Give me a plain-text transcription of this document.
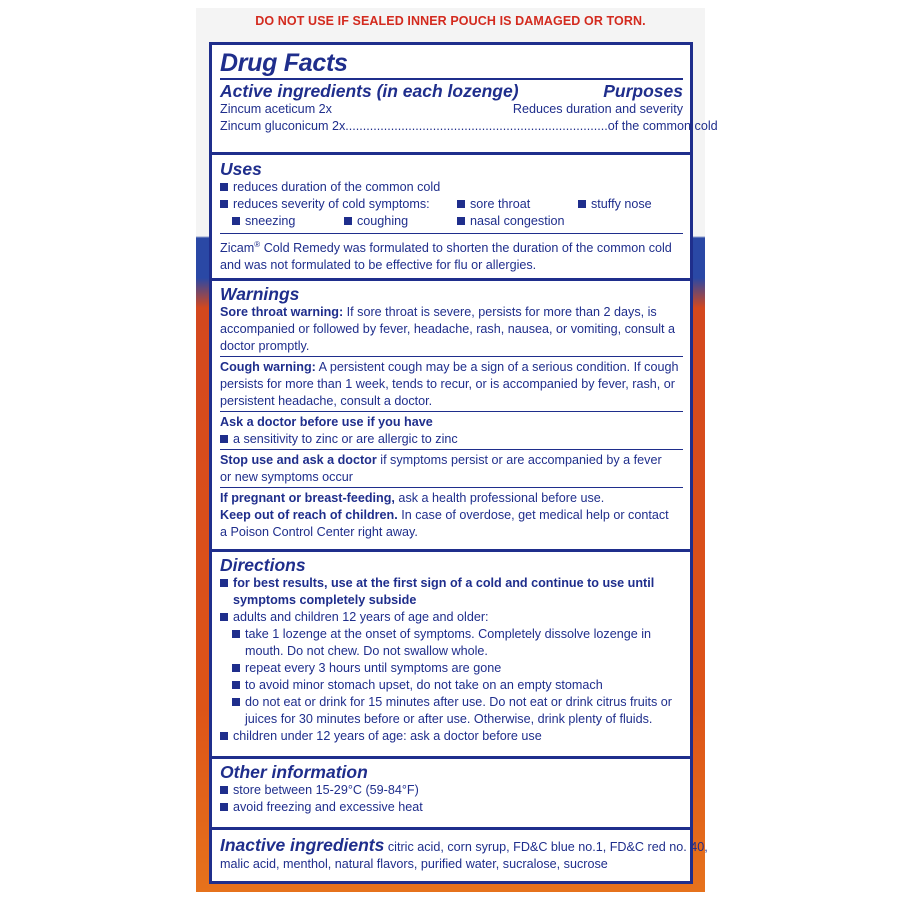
DO NOT USE IF SEALED INNER POUCH IS DAMAGED OR TORN.
Drug Facts
Active ingredients (in each lozenge)	Purposes
Zincum aceticum 2x	Reduces duration and severity
Zincum gluconicum 2x ........................................................................... of the common cold
Uses
reduces duration of the common cold
reduces severity of cold symptoms:	sore throat	stuffy nose
sneezing	coughing	nasal congestion
Zicam® Cold Remedy was formulated to shorten the duration of the common cold
and was not formulated to be effective for flu or allergies.
Warnings
Sore throat warning: If sore throat is severe, persists for more than 2 days, is
accompanied or followed by fever, headache, rash, nausea, or vomiting, consult a
doctor promptly.
Cough warning: A persistent cough may be a sign of a serious condition. If cough
persists for more than 1 week, tends to recur, or is accompanied by fever, rash, or
persistent headache, consult a doctor.
Ask a doctor before use if you have
a sensitivity to zinc or are allergic to zinc
Stop use and ask a doctor if symptoms persist or are accompanied by a fever
or new symptoms occur
If pregnant or breast-feeding, ask a health professional before use.
Keep out of reach of children. In case of overdose, get medical help or contact
a Poison Control Center right away.
Directions
for best results, use at the first sign of a cold and continue to use until
symptoms completely subside
adults and children 12 years of age and older:
take 1 lozenge at the onset of symptoms. Completely dissolve lozenge in
mouth. Do not chew. Do not swallow whole.
repeat every 3 hours until symptoms are gone
to avoid minor stomach upset, do not take on an empty stomach
do not eat or drink for 15 minutes after use. Do not eat or drink citrus fruits or
juices for 30 minutes before or after use. Otherwise, drink plenty of fluids.
children under 12 years of age: ask a doctor before use
Other information
store between 15-29°C (59-84°F)
avoid freezing and excessive heat
Inactive ingredients citric acid, corn syrup, FD&C blue no.1, FD&C red no. 40,
malic acid, menthol, natural flavors, purified water, sucralose, sucrose
